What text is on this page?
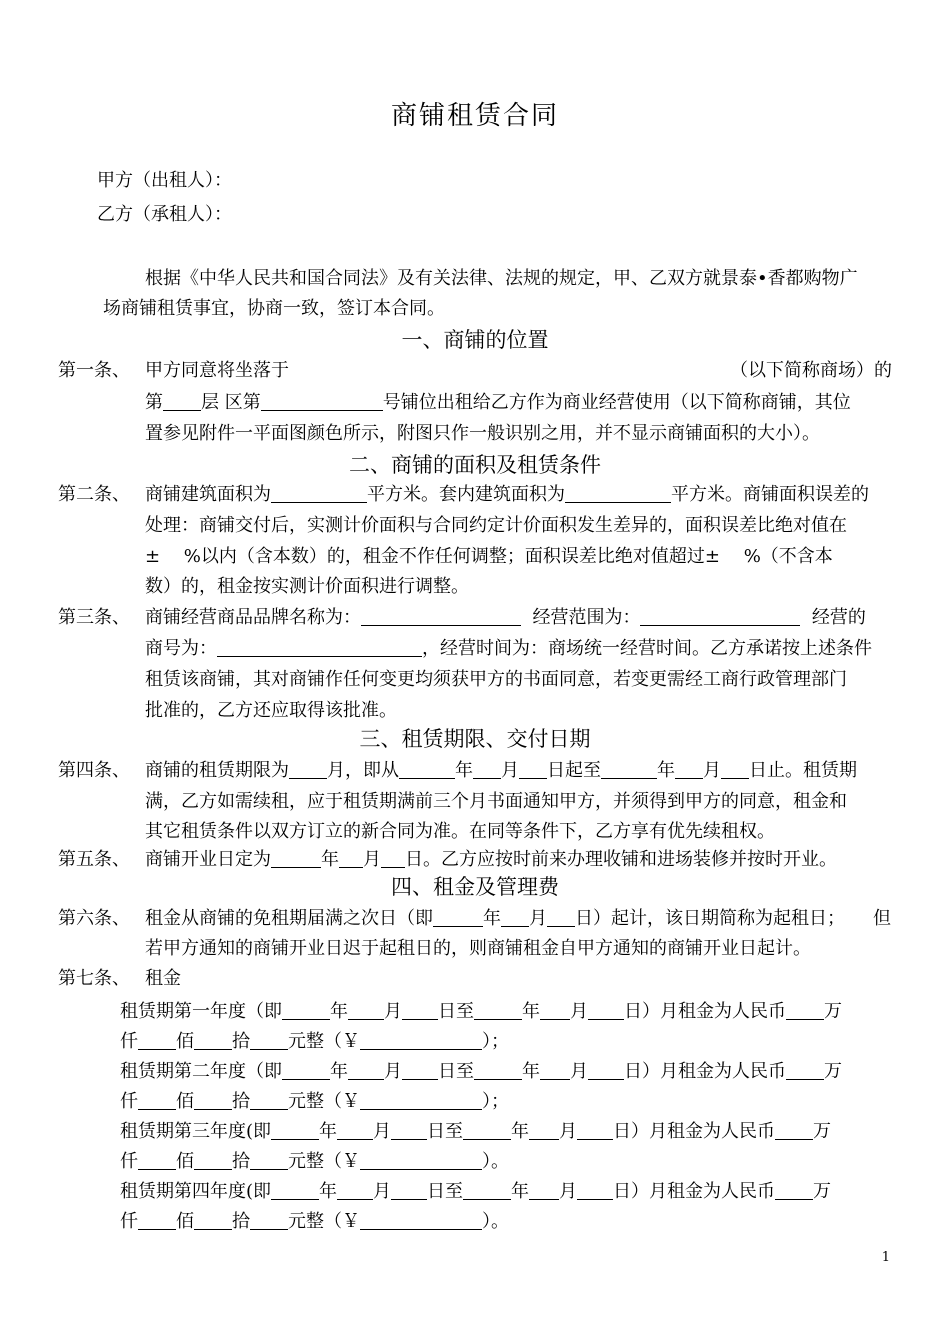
商铺租赁合同
甲方（出租人）：
乙方（承租人）：
根据《中华人民共和国合同法》及有关法律、法规的规定，甲、乙双方就景泰•香都购物广
场商铺租赁事宜，协商一致，签订本合同。
一、商铺的位置
第一条、 甲方同意将坐落于	（以下简称商场）的
第 层 区第	号铺位出租给乙方作为商业经营使用（以下简称商铺，其位
置参见附件一平面图颜色所示，附图只作一般识别之用，并不显示商铺面积的大小）。
二、商铺的面积及租赁条件
第二条、 商铺建筑面积为	平方米。套内建筑面积为	平方米。商铺面积误差的
处理：商铺交付后，实测计价面积与合同约定计价面积发生差异的，面积误差比绝对值在
±　 %以内（含本数）的，租金不作任何调整；面积误差比绝对值超过±　 %（不含本
数）的，租金按实测计价面积进行调整。
第三条、 商铺经营商品品牌名称为：	经营范围为：	经营的
商号为：	，经营时间为：商场统一经营时间。乙方承诺按上述条件
租赁该商铺，其对商铺作任何变更均须获甲方的书面同意，若变更需经工商行政管理部门
批准的，乙方还应取得该批准。
三、租赁期限、交付日期
第四条、 商铺的租赁期限为 月，即从	年 月 日起至	年 月 日止。租赁期
满，乙方如需续租，应于租赁期满前三个月书面通知甲方，并须得到甲方的同意，租金和
其它租赁条件以双方订立的新合同为准。在同等条件下，乙方享有优先续租权。
第五条、 商铺开业日定为	年 月 日。乙方应按时前来办理收铺和进场装修并按时开业。
四、租金及管理费
第六条、 租金从商铺的免租期届满之次日（即	年 月 日）起计，该日期简称为起租日； 但
若甲方通知的商铺开业日迟于起租日的，则商铺租金自甲方通知的商铺开业日起计。
第七条、 租金
租赁期第一年度（即	年 月 日至	年 月 日）月租金为人民币 万
仟 佰 拾 元整（￥	）；
租赁期第二年度（即	年 月 日至	年 月 日）月租金为人民币 万
仟 佰 拾 元整（￥	）；
租赁期第三年度(即	年 月 日至	年 月 日）月租金为人民币 万
仟 佰 拾 元整（￥	）。
租赁期第四年度(即	年 月 日至	年 月 日）月租金为人民币 万
仟 佰 拾 元整（￥	）。
1
